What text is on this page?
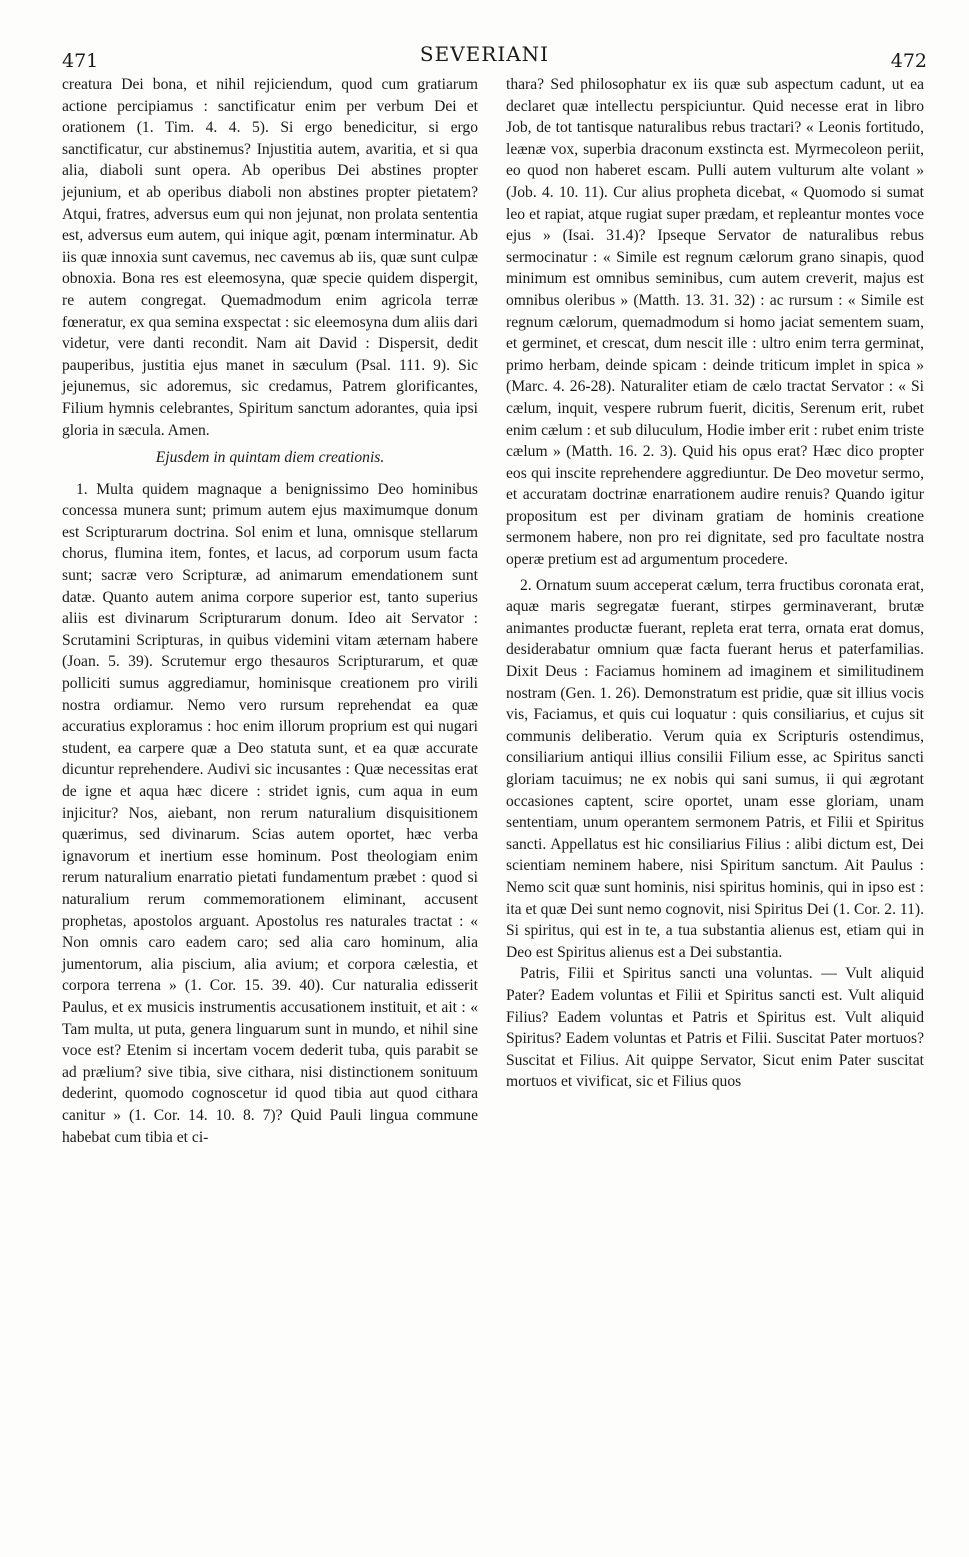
471	SEVERIANI	472

creatura Dei bona, et nihil rejiciendum, quod cum gratiarum actione percipiamus : sanctificatur enim per verbum Dei et orationem (1. Tim. 4. 4. 5). Si ergo benedicitur, si ergo sanctificatur, cur abstinemus? Injustitia autem, avaritia, et si qua alia, diaboli sunt opera. Ab operibus Dei abstines propter jejunium, et ab operibus diaboli non abstines propter pietatem? Atqui, fratres, adversus eum qui non jejunat, non prolata sententia est, adversus eum autem, qui inique agit, pœnam interminatur. Ab iis quæ innoxia sunt cavemus, nec cavemus ab iis, quæ sunt culpæ obnoxia. Bona res est eleemosyna, quæ specie quidem dispergit, re autem congregat. Quemadmodum enim agricola terræ fœneratur, ex qua semina exspectat : sic eleemosyna dum aliis dari videtur, vere danti recondit. Nam ait David : Dispersit, dedit pauperibus, justitia ejus manet in sæculum (Psal. 111. 9). Sic jejunemus, sic adoremus, sic credamus, Patrem glorificantes, Filium hymnis celebrantes, Spiritum sanctum adorantes, quia ipsi gloria in sæcula. Amen.

Ejusdem in quintam diem creationis.

1. Multa quidem magnaque a benignissimo Deo hominibus concessa munera sunt; primum autem ejus maximumque donum est Scripturarum doctrina. Sol enim et luna, omnisque stellarum chorus, flumina item, fontes, et lacus, ad corporum usum facta sunt; sacræ vero Scripturæ, ad animarum emendationem sunt datæ. Quanto autem anima corpore superior est, tanto superius aliis est divinarum Scripturarum donum. Ideo ait Servator : Scrutamini Scripturas, in quibus videmini vitam æternam habere (Joan. 5. 39). Scrutemur ergo thesauros Scripturarum, et quæ polliciti sumus aggrediamur, hominisque creationem pro virili nostra ordiamur. Nemo vero rursum reprehendat ea quæ accuratius exploramus : hoc enim illorum proprium est qui nugari student, ea carpere quæ a Deo statuta sunt, et ea quæ accurate dicuntur reprehendere. Audivi sic incusantes : Quæ necessitas erat de igne et aqua hæc dicere : stridet ignis, cum aqua in eum injicitur? Nos, aiebant, non rerum naturalium disquisitionem quærimus, sed divinarum. Scias autem oportet, hæc verba ignavorum et inertium esse hominum. Post theologiam enim rerum naturalium enarratio pietati fundamentum præbet : quod si naturalium rerum commemorationem eliminant, accusent prophetas, apostolos arguant. Apostolus res naturales tractat : « Non omnis caro eadem caro; sed alia caro hominum, alia jumentorum, alia piscium, alia avium; et corpora cælestia, et corpora terrena » (1. Cor. 15. 39. 40). Cur naturalia edisserit Paulus, et ex musicis instrumentis accusationem instituit, et ait : « Tam multa, ut puta, genera linguarum sunt in mundo, et nihil sine voce est? Etenim si incertam vocem dederit tuba, quis parabit se ad prælium? sive tibia, sive cithara, nisi distinctionem sonituum dederint, quomodo cognoscetur id quod tibia aut quod cithara canitur » (1. Cor. 14. 10. 8. 7)? Quid Pauli lingua commune habebat cum tibia et ci-

thara? Sed philosophatur ex iis quæ sub aspectum cadunt, ut ea declaret quæ intellectu perspiciuntur. Quid necesse erat in libro Job, de tot tantisque naturalibus rebus tractari? « Leonis fortitudo, leænæ vox, superbia draconum exstincta est. Myrmecoleon periit, eo quod non haberet escam. Pulli autem vulturum alte volant » (Job. 4. 10. 11). Cur alius propheta dicebat, « Quomodo si sumat leo et rapiat, atque rugiat super prædam, et repleantur montes voce ejus » (Isai. 31.4)? Ipseque Servator de naturalibus rebus sermocinatur : « Simile est regnum cælorum grano sinapis, quod minimum est omnibus seminibus, cum autem creverit, majus est omnibus oleribus » (Matth. 13. 31. 32) : ac rursum : « Simile est regnum cælorum, quemadmodum si homo jaciat sementem suam, et germinet, et crescat, dum nescit ille : ultro enim terra germinat, primo herbam, deinde spicam : deinde triticum implet in spica » (Marc. 4. 26-28). Naturaliter etiam de cælo tractat Servator : « Si cælum, inquit, vespere rubrum fuerit, dicitis, Serenum erit, rubet enim cælum : et sub diluculum, Hodie imber erit : rubet enim triste cælum » (Matth. 16. 2. 3). Quid his opus erat? Hæc dico propter eos qui inscite reprehendere aggrediuntur. De Deo movetur sermo, et accuratam doctrinæ enarrationem audire renuis? Quando igitur propositum est per divinam gratiam de hominis creatione sermonem habere, non pro rei dignitate, sed pro facultate nostra operæ pretium est ad argumentum procedere.

2. Ornatum suum acceperat cælum, terra fructibus coronata erat, aquæ maris segregatæ fuerant, stirpes germinaverant, brutæ animantes productæ fuerant, repleta erat terra, ornata erat domus, desiderabatur omnium quæ facta fuerant herus et paterfamilias. Dixit Deus : Faciamus hominem ad imaginem et similitudinem nostram (Gen. 1. 26). Demonstratum est pridie, quæ sit illius vocis vis, Faciamus, et quis cui loquatur : quis consiliarius, et cujus sit communis deliberatio. Verum quia ex Scripturis ostendimus, consiliarium antiqui illius consilii Filium esse, ac Spiritus sancti gloriam tacuimus; ne ex nobis qui sani sumus, ii qui ægrotant occasiones captent, scire oportet, unam esse gloriam, unam sententiam, unum operantem sermonem Patris, et Filii et Spiritus sancti. Appellatus est hic consiliarius Filius : alibi dictum est, Dei scientiam neminem habere, nisi Spiritum sanctum. Ait Paulus : Nemo scit quæ sunt hominis, nisi spiritus hominis, qui in ipso est : ita et quæ Dei sunt nemo cognovit, nisi Spiritus Dei (1. Cor. 2. 11). Si spiritus, qui est in te, a tua substantia alienus est, etiam qui in Deo est Spiritus alienus est a Dei substantia.

Patris, Filii et Spiritus sancti una voluntas. — Vult aliquid Pater? Eadem voluntas et Filii et Spiritus sancti est. Vult aliquid Filius? Eadem voluntas et Patris et Spiritus est. Vult aliquid Spiritus? Eadem voluntas et Patris et Filii. Suscitat Pater mortuos? Suscitat et Filius. Ait quippe Servator, Sicut enim Pater suscitat mortuos et vivificat, sic et Filius quos
